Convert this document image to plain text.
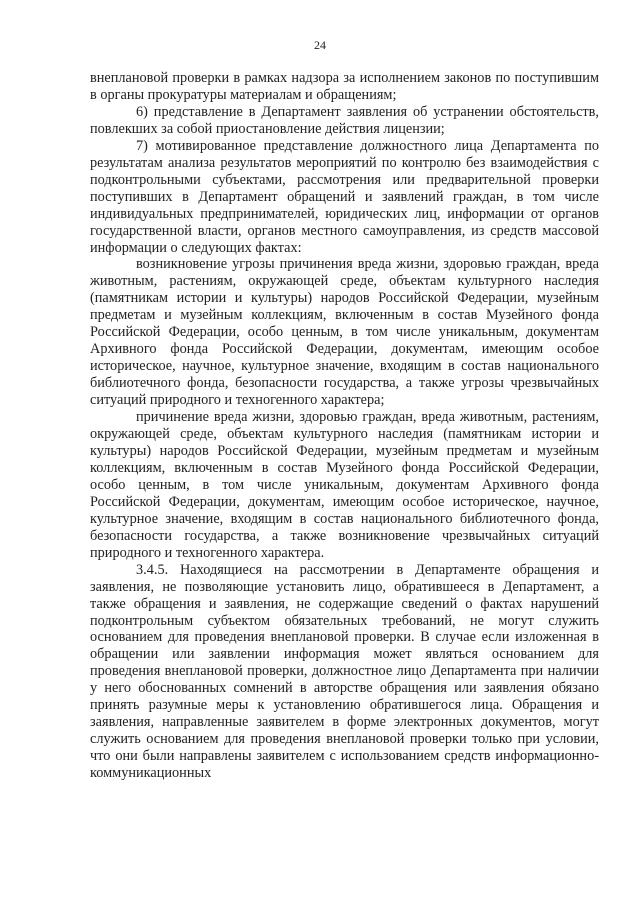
24

внеплановой проверки в рамках надзора за исполнением законов по поступившим в органы прокуратуры материалам и обращениям;

6) представление в Департамент заявления об устранении обстоятельств, повлекших за собой приостановление действия лицензии;

7) мотивированное представление должностного лица Департамента по результатам анализа результатов мероприятий по контролю без взаимодействия с подконтрольными субъектами, рассмотрения или предварительной проверки поступивших в Департамент обращений и заявлений граждан, в том числе индивидуальных предпринимателей, юридических лиц, информации от органов государственной власти, органов местного самоуправления, из средств массовой информации о следующих фактах:

возникновение угрозы причинения вреда жизни, здоровью граждан, вреда животным, растениям, окружающей среде, объектам культурного наследия (памятникам истории и культуры) народов Российской Федерации, музейным предметам и музейным коллекциям, включенным в состав Музейного фонда Российской Федерации, особо ценным, в том числе уникальным, документам Архивного фонда Российской Федерации, документам, имеющим особое историческое, научное, культурное значение, входящим в состав национального библиотечного фонда, безопасности государства, а также угрозы чрезвычайных ситуаций природного и техногенного характера;

причинение вреда жизни, здоровью граждан, вреда животным, растениям, окружающей среде, объектам культурного наследия (памятникам истории и культуры) народов Российской Федерации, музейным предметам и музейным коллекциям, включенным в состав Музейного фонда Российской Федерации, особо ценным, в том числе уникальным, документам Архивного фонда Российской Федерации, документам, имеющим особое историческое, научное, культурное значение, входящим в состав национального библиотечного фонда, безопасности государства, а также возникновение чрезвычайных ситуаций природного и техногенного характера.

3.4.5. Находящиеся на рассмотрении в Департаменте обращения и заявления, не позволяющие установить лицо, обратившееся в Департамент, а также обращения и заявления, не содержащие сведений о фактах нарушений подконтрольным субъектом обязательных требований, не могут служить основанием для проведения внеплановой проверки. В случае если изложенная в обращении или заявлении информация может являться основанием для проведения внеплановой проверки, должностное лицо Департамента при наличии у него обоснованных сомнений в авторстве обращения или заявления обязано принять разумные меры к установлению обратившегося лица. Обращения и заявления, направленные заявителем в форме электронных документов, могут служить основанием для проведения внеплановой проверки только при условии, что они были направлены заявителем с использованием средств информационно-коммуникационных
